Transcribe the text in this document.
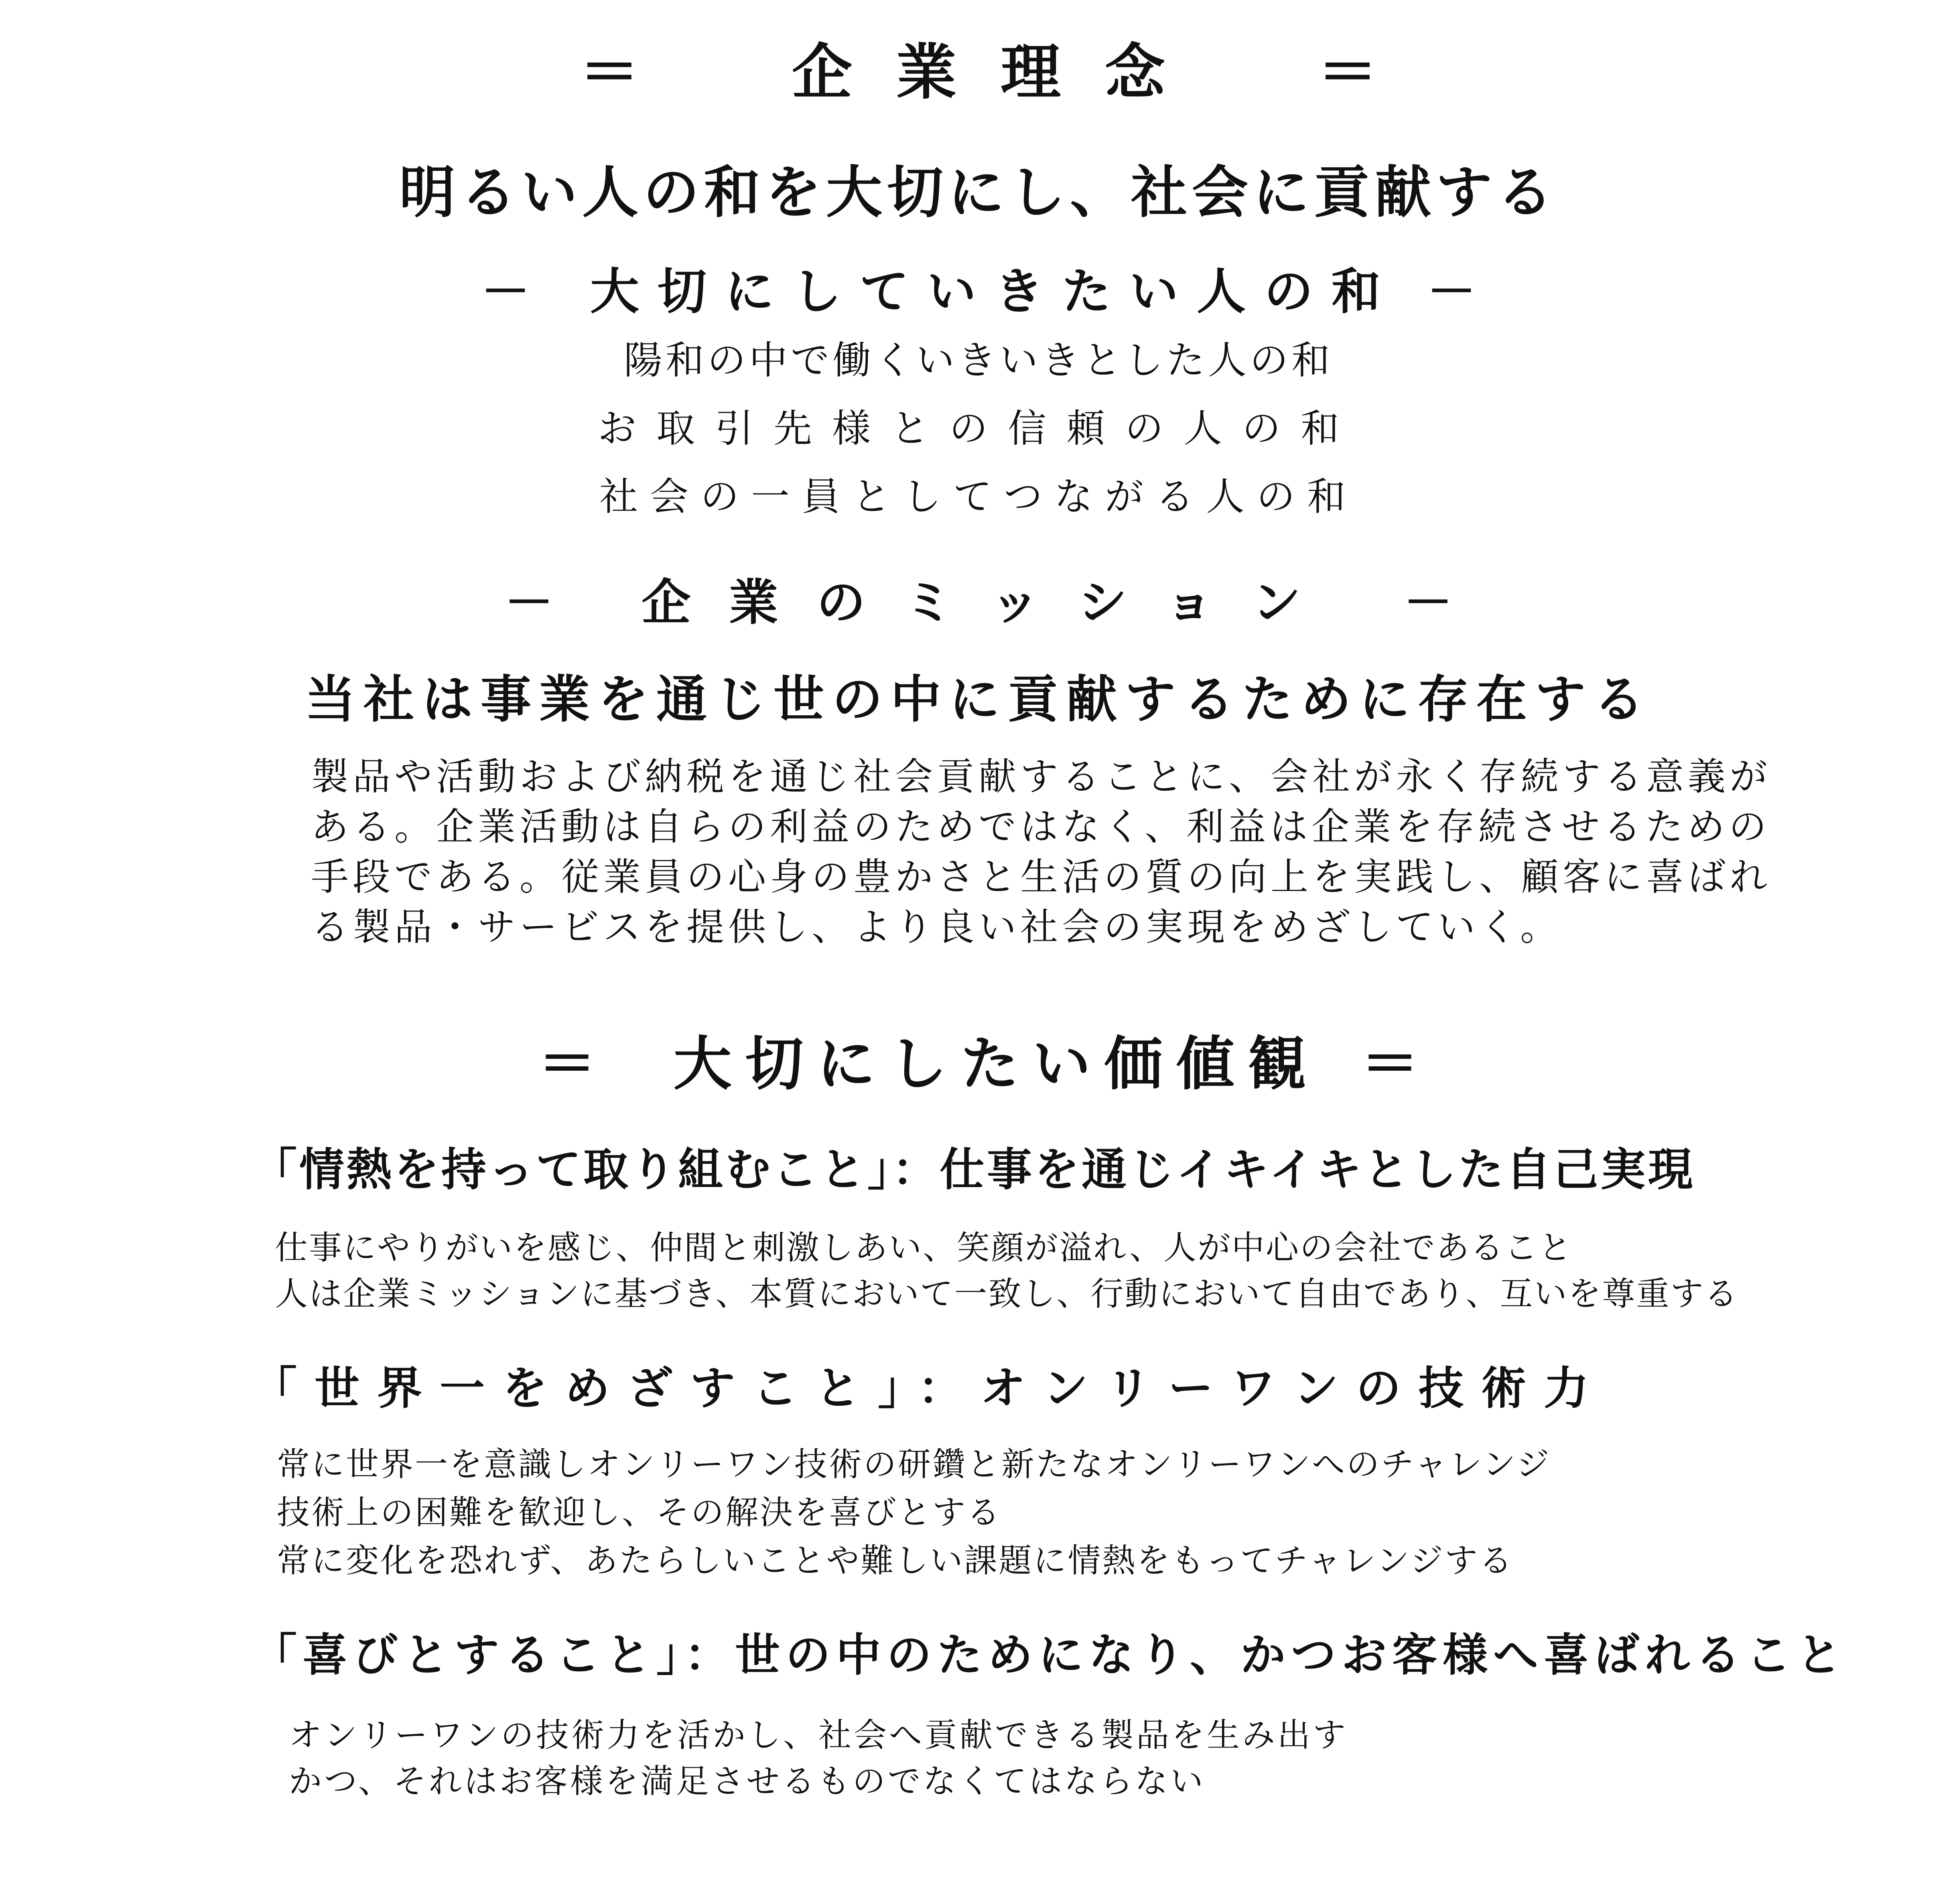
＝	企業理念 ＝
明るい人の和を大切にし、社会に貢献する
－ 大切にしていきたい人の和 －
陽和の中で働くいきいきとした人の和
お取引先様との信頼の人の和
社会の一員としてつながる人の和
－ 企業のミッション －
当社は事業を通じ世の中に貢献するために存在する
製品や活動および納税を通じ社会貢献することに、会社が永く存続する意義が
ある。企業活動は自らの利益のためではなく、利益は企業を存続させるための
手段である。従業員の心身の豊かさと生活の質の向上を実践し、顧客に喜ばれ
る製品・サービスを提供し、より良い社会の実現をめざしていく。
＝ 大切にしたい価値観 ＝
「情熱を持って取り組むこと」：仕事を通じイキイキとした自己実現
仕事にやりがいを感じ、仲間と刺激しあい、笑顔が溢れ、人が中心の会社であること
人は企業ミッションに基づき、本質において一致し、行動において自由であり、互いを尊重する
「世界一をめざすこと」：オンリーワンの技術力
常に世界一を意識しオンリーワン技術の研鑽と新たなオンリーワンへのチャレンジ
技術上の困難を歓迎し、その解決を喜びとする
常に変化を恐れず、あたらしいことや難しい課題に情熱をもってチャレンジする
「喜びとすること」：世の中のためになり、かつお客様へ喜ばれること
オンリーワンの技術力を活かし、社会へ貢献できる製品を生み出す
かつ、それはお客様を満足させるものでなくてはならない
